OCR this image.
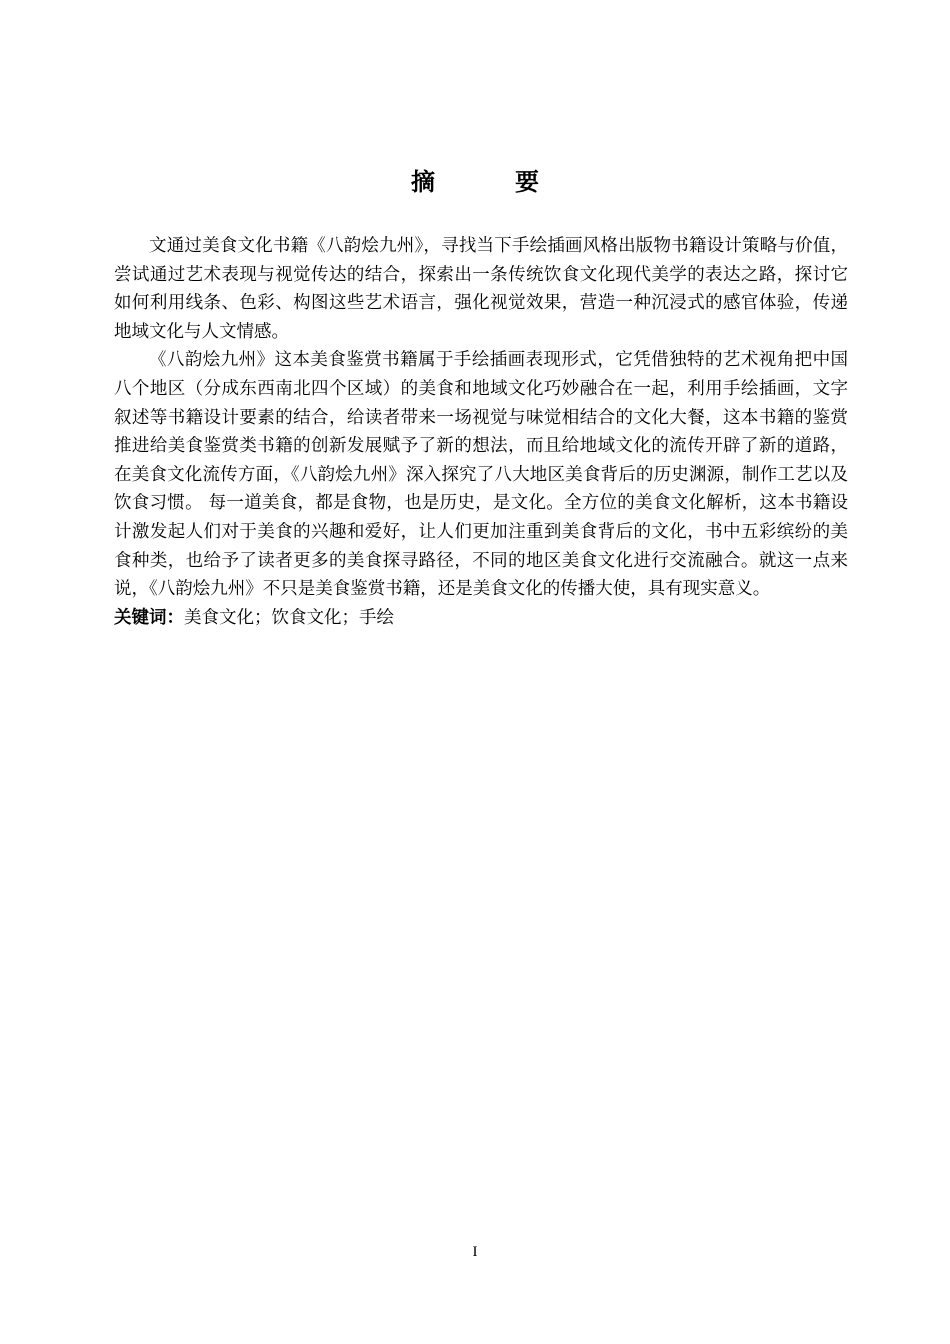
摘　要

文通过美食文化书籍《八韵烩九州》，寻找当下手绘插画风格出版物书籍设计策略与价值，尝试通过艺术表现与视觉传达的结合，探索出一条传统饮食文化现代美学的表达之路，探讨它如何利用线条、色彩、构图这些艺术语言，强化视觉效果，营造一种沉浸式的感官体验，传递地域文化与人文情感。

《八韵烩九州》这本美食鉴赏书籍属于手绘插画表现形式，它凭借独特的艺术视角把中国八个地区（分成东西南北四个区域）的美食和地域文化巧妙融合在一起，利用手绘插画，文字叙述等书籍设计要素的结合，给读者带来一场视觉与味觉相结合的文化大餐，这本书籍的鉴赏推进给美食鉴赏类书籍的创新发展赋予了新的想法，而且给地域文化的流传开辟了新的道路，在美食文化流传方面，《八韵烩九州》深入探究了八大地区美食背后的历史渊源，制作工艺以及饮食习惯。 每一道美食，都是食物，也是历史，是文化。全方位的美食文化解析，这本书籍设计激发起人们对于美食的兴趣和爱好，让人们更加注重到美食背后的文化，书中五彩缤纷的美食种类，也给予了读者更多的美食探寻路径，不同的地区美食文化进行交流融合。就这一点来说，《八韵烩九州》不只是美食鉴赏书籍，还是美食文化的传播大使，具有现实意义。

关键词：美食文化；饮食文化；手绘

I
